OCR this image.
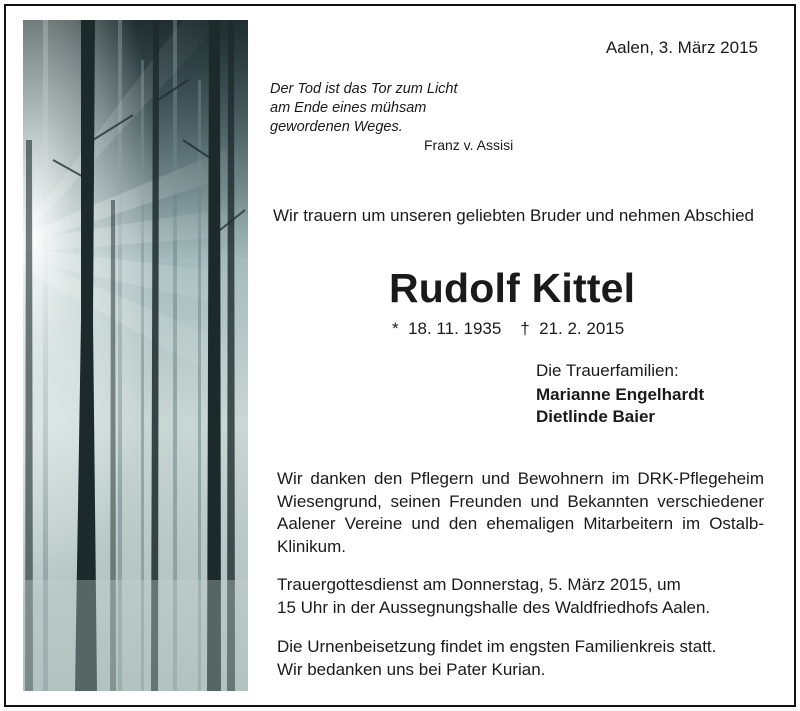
Aalen, 3. März 2015
Der Tod ist das Tor zum Licht
am Ende eines mühsam
gewordenen Weges.
Franz v. Assisi
Wir trauern um unseren geliebten Bruder und nehmen Abschied
Rudolf Kittel
*  18. 11. 1935    †  21. 2. 2015
Die Trauerfamilien:
Marianne Engelhardt
Dietlinde Baier
Wir danken den Pflegern und Bewohnern im DRK-Pflegeheim Wiesengrund, seinen Freunden und Bekannten verschiedener Aalener Vereine und den ehemaligen Mitarbeitern im Ostalb-Klinikum.
Trauergottesdienst am Donnerstag, 5. März 2015, um
15 Uhr in der Aussegnungshalle des Waldfriedhofs Aalen.
Die Urnenbeisetzung findet im engsten Familienkreis statt.
Wir bedanken uns bei Pater Kurian.
